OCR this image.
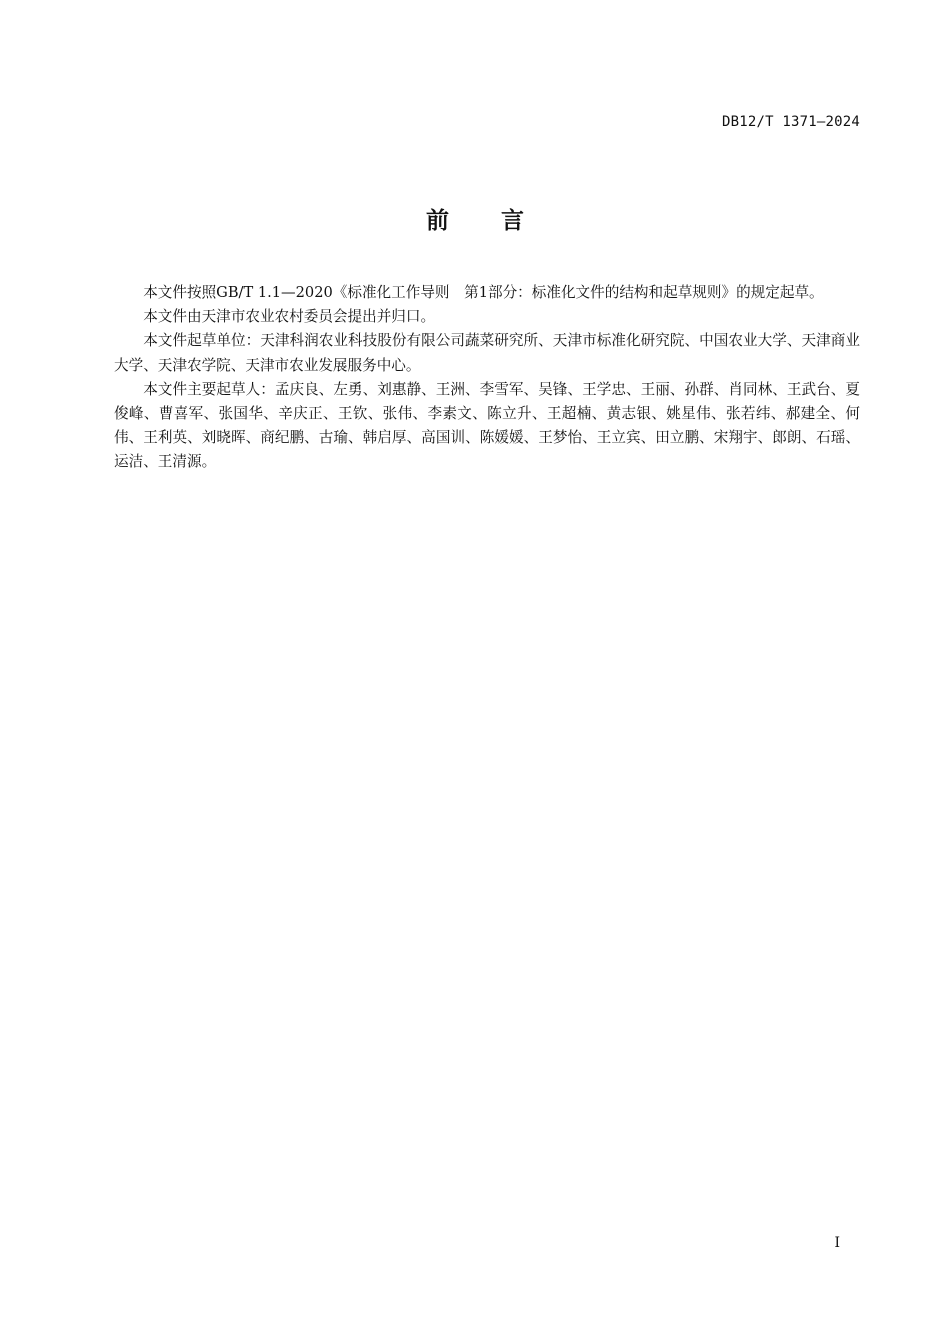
DB12/T 1371—2024
前 言

本文件按照GB/T 1.1—2020《标准化工作导则　第1部分：标准化文件的结构和起草规则》的规定起草。

本文件由天津市农业农村委员会提出并归口。

本文件起草单位：天津科润农业科技股份有限公司蔬菜研究所、天津市标准化研究院、中国农业大学、天津商业大学、天津农学院、天津市农业发展服务中心。

本文件主要起草人：孟庆良、左勇、刘惠静、王洲、李雪军、吴锋、王学忠、王丽、孙群、肖同林、王武台、夏俊峰、曹喜军、张国华、辛庆正、王钦、张伟、李素文、陈立升、王超楠、黄志银、姚星伟、张若纬、郝建全、何伟、王利英、刘晓晖、商纪鹏、古瑜、韩启厚、高国训、陈媛媛、王梦怡、王立宾、田立鹏、宋翔宇、郎朗、石瑶、运洁、王清源。

I
